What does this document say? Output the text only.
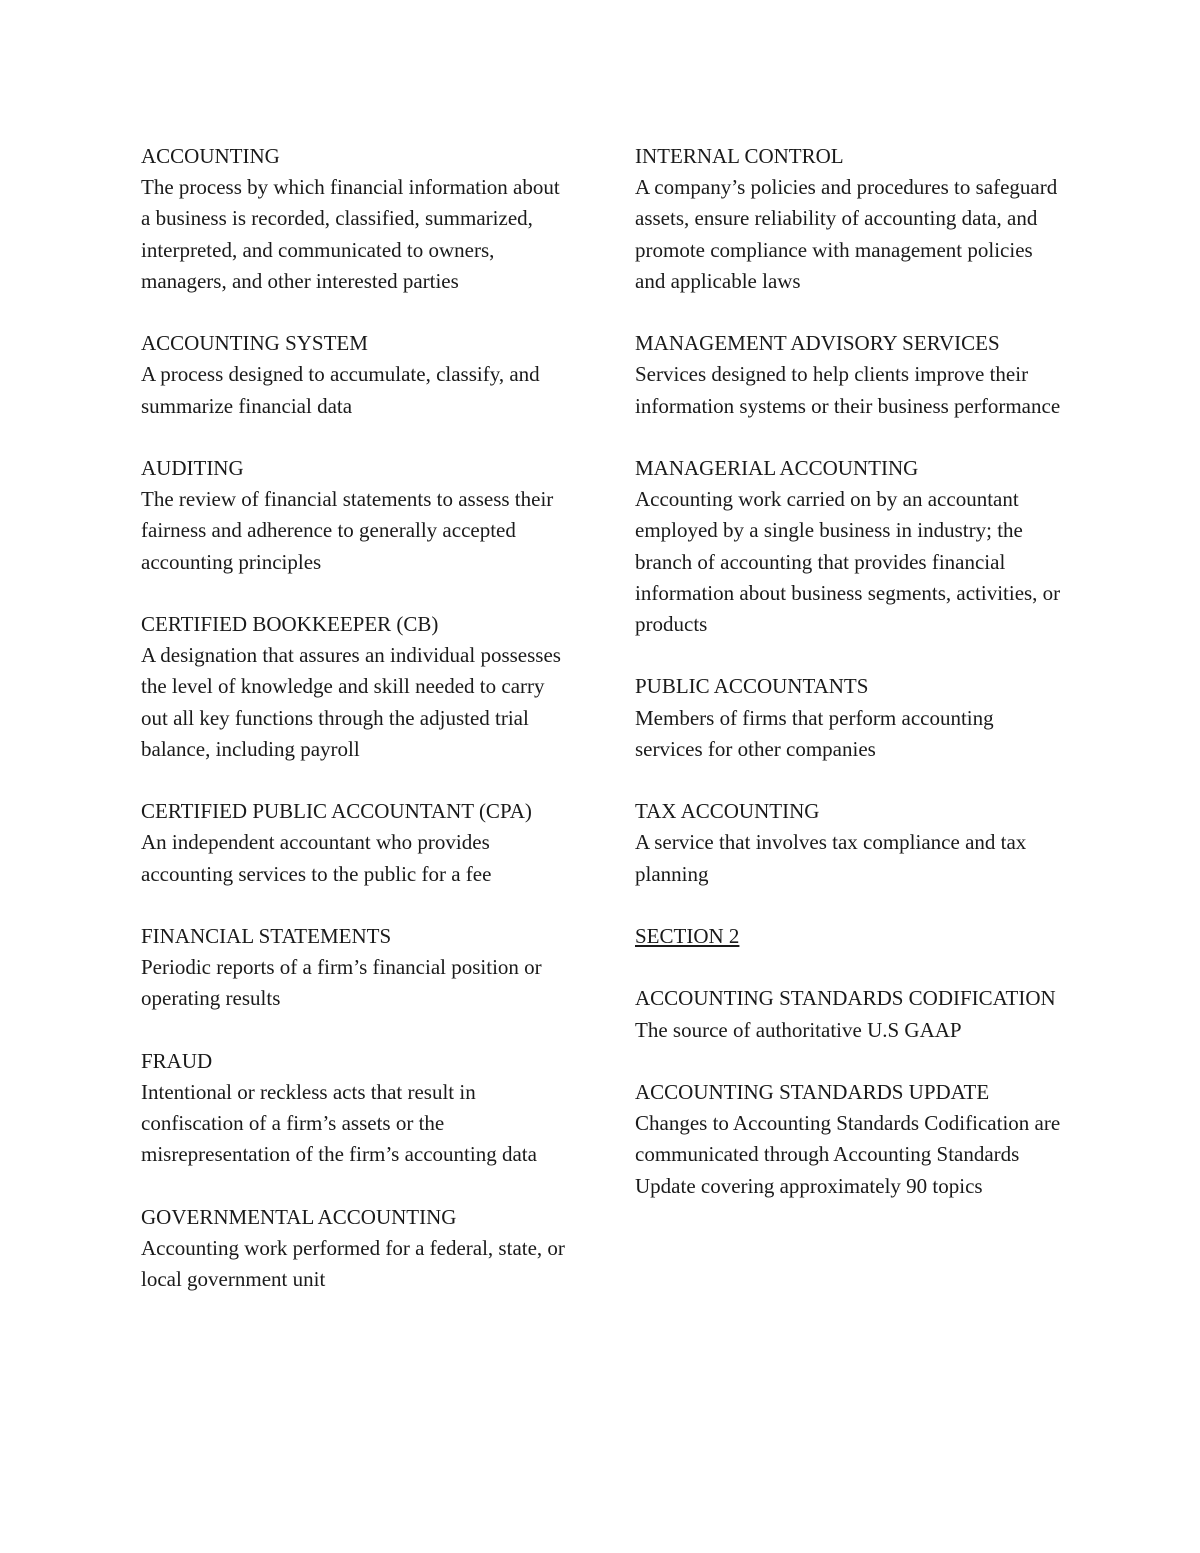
ACCOUNTING
The process by which financial information about a business is recorded, classified, summarized, interpreted, and communicated to owners, managers, and other interested parties
ACCOUNTING SYSTEM
A process designed to accumulate, classify, and summarize financial data
AUDITING
The review of financial statements to assess their fairness and adherence to generally accepted accounting principles
CERTIFIED BOOKKEEPER (CB)
A designation that assures an individual possesses the level of knowledge and skill needed to carry out all key functions through the adjusted trial balance, including payroll
CERTIFIED PUBLIC ACCOUNTANT (CPA)
An independent accountant who provides accounting services to the public for a fee
FINANCIAL STATEMENTS
Periodic reports of a firm’s financial position or operating results
FRAUD
Intentional or reckless acts that result in confiscation of a firm’s assets or the misrepresentation of the firm’s accounting data
GOVERNMENTAL ACCOUNTING
Accounting work performed for a federal, state, or local government unit
INTERNAL CONTROL
A company’s policies and procedures to safeguard assets, ensure reliability of accounting data, and promote compliance with management policies and applicable laws
MANAGEMENT ADVISORY SERVICES
Services designed to help clients improve their information systems or their business performance
MANAGERIAL ACCOUNTING
Accounting work carried on by an accountant employed by a single business in industry; the branch of accounting that provides financial information about business segments, activities, or products
PUBLIC ACCOUNTANTS
Members of firms that perform accounting services for other companies
TAX ACCOUNTING
A service that involves tax compliance and tax planning
SECTION 2
ACCOUNTING STANDARDS CODIFICATION
The source of authoritative U.S GAAP
ACCOUNTING STANDARDS UPDATE
Changes to Accounting Standards Codification are communicated through Accounting Standards Update covering approximately 90 topics
